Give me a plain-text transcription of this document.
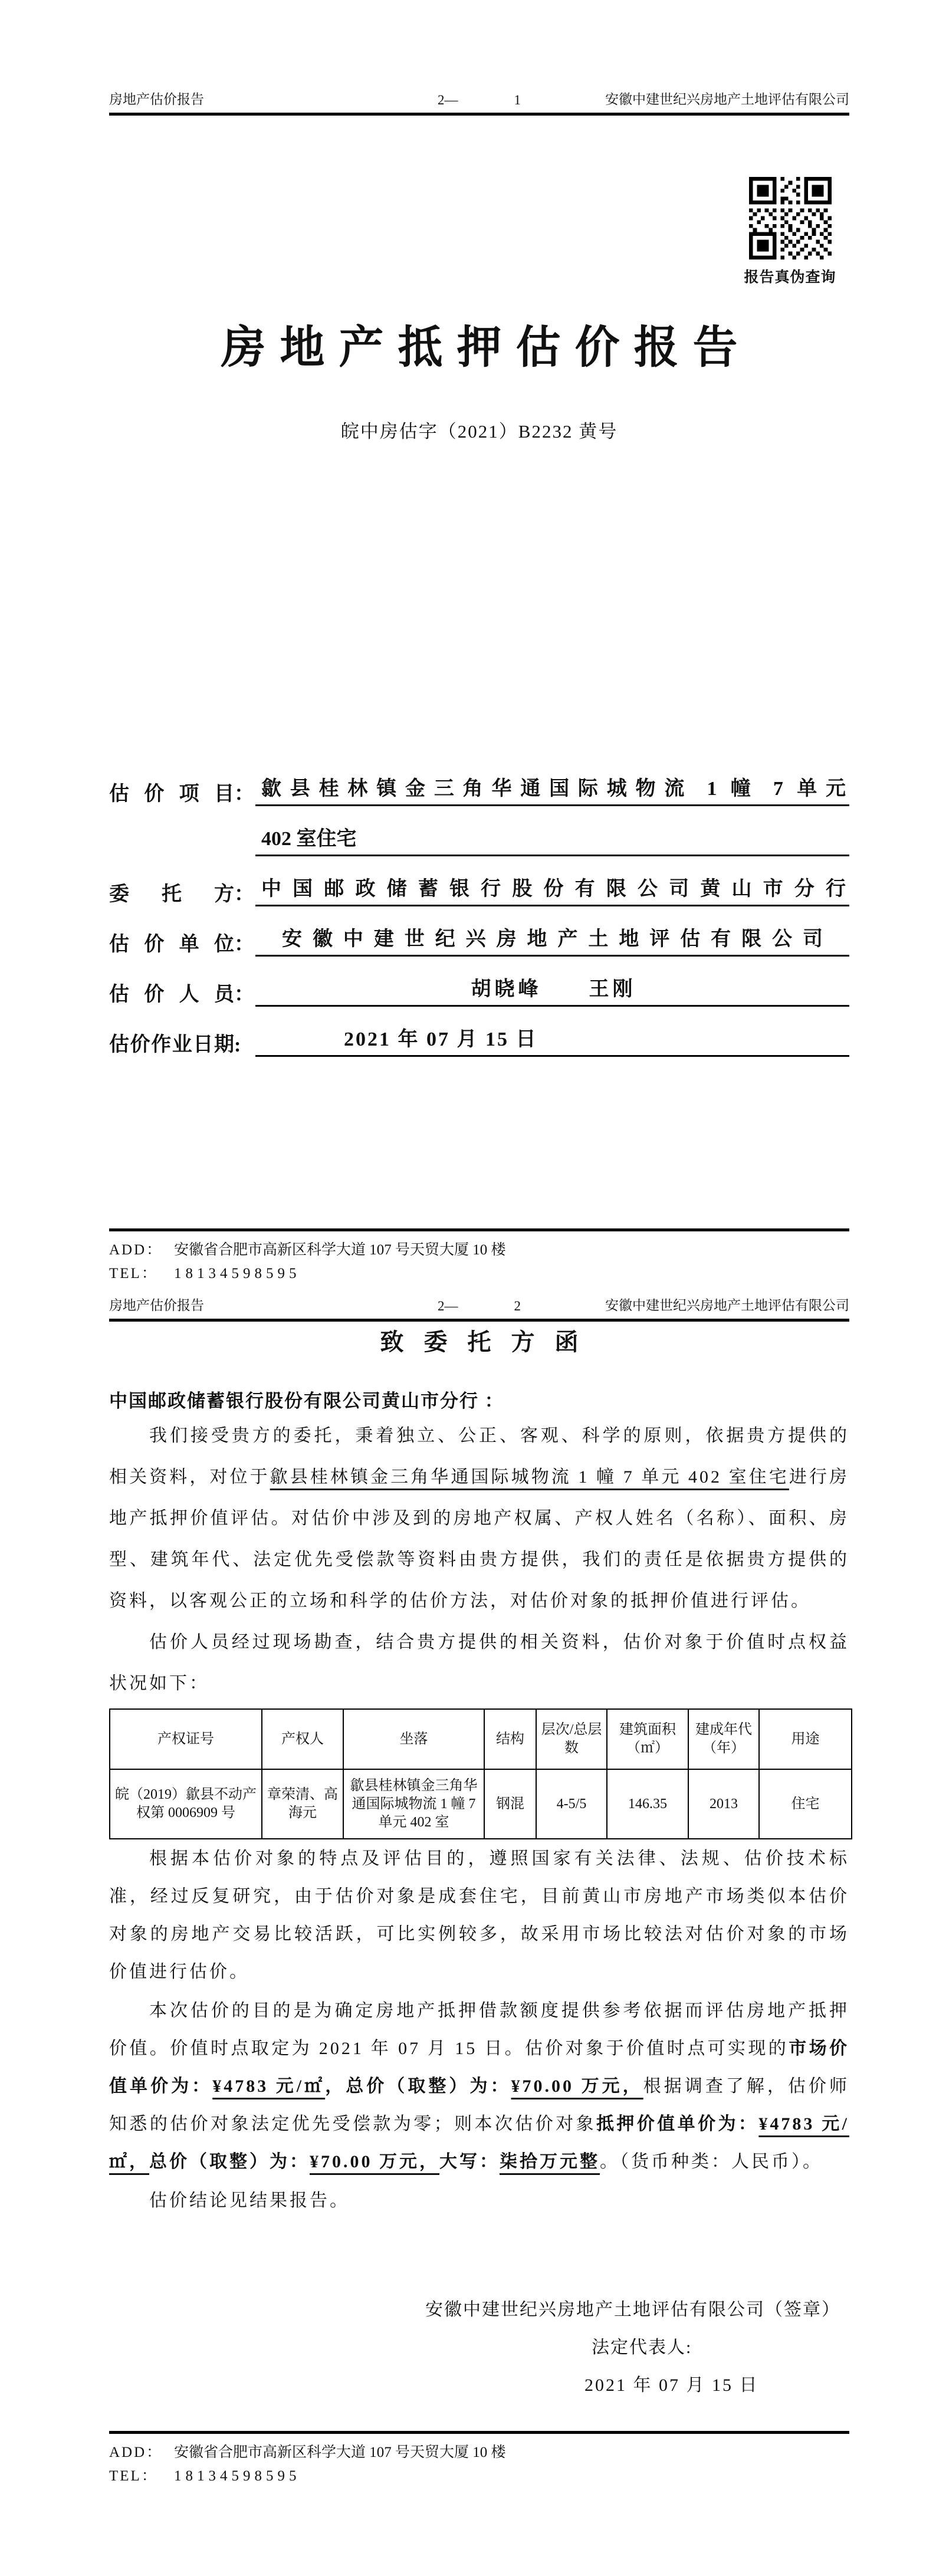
房地产估价报告	2—	1	安徽中建世纪兴房地产土地评估有限公司
报告真伪查询
房地产抵押估价报告
皖中房估字（2021）B2232 黄号
估价项目 ： 歙县桂林镇金三角华通国际城物流 1 幢 7 单元
402 室住宅
委托方 ： 中国邮政储蓄银行股份有限公司黄山市分行
估价单位 ：	安徽中建世纪兴房地产土地评估有限公司
估价人员 ：	胡晓峰　　王刚
估价作业日期 :	2021 年 07 月 15 日
ADD： 安徽省合肥市高新区科学大道 107 号天贸大厦 10 楼
TEL：	18134598595
房地产估价报告	2—	2	安徽中建世纪兴房地产土地评估有限公司
致委托方函
中国邮政储蓄银行股份有限公司黄山市分行 ：
我们接受贵方的委托，秉着独立、公正、客观、科学的原则，依据贵方提供的相关资料，对位于歙县桂林镇金三角华通国际城物流 1 幢 7 单元 402 室住宅进行房地产抵押价值评估。对估价中涉及到的房地产权属、产权人姓名（名称）、面积、房型、建筑年代、法定优先受偿款等资料由贵方提供，我们的责任是依据贵方提供的资料，以客观公正的立场和科学的估价方法，对估价对象的抵押价值进行评估。
估价人员经过现场勘查，结合贵方提供的相关资料，估价对象于价值时点权益状况如下：
产权证号	产权人	坐落	结构	层次/总层数	建筑面积（㎡）	建成年代（年）	用途
皖（2019）歙县不动产权第 0006909 号	章荣清、高海元	歙县桂林镇金三角华通国际城物流 1 幢 7 单元 402 室	钢混	4-5/5	146.35	2013	住宅
根据本估价对象的特点及评估目的，遵照国家有关法律、法规、估价技术标准，经过反复研究，由于估价对象是成套住宅，目前黄山市房地产市场类似本估价对象的房地产交易比较活跃，可比实例较多，故采用市场比较法对估价对象的市场价值进行估价。
本次估价的目的是为确定房地产抵押借款额度提供参考依据而评估房地产抵押价值。价值时点取定为 2021 年 07 月 15 日。估价对象于价值时点可实现的市场价值单价为：¥4783 元/㎡，总价（取整）为：¥70.00 万元，根据调查了解，估价师知悉的估价对象法定优先受偿款为零；则本次估价对象抵押价值单价为：¥4783 元/㎡，总价（取整）为：¥70.00 万元，大写：柒拾万元整。（货币种类：人民币）。
估价结论见结果报告。
安徽中建世纪兴房地产土地评估有限公司（签章）
法定代表人:
2021 年 07 月 15 日
ADD： 安徽省合肥市高新区科学大道 107 号天贸大厦 10 楼
TEL：	18134598595
